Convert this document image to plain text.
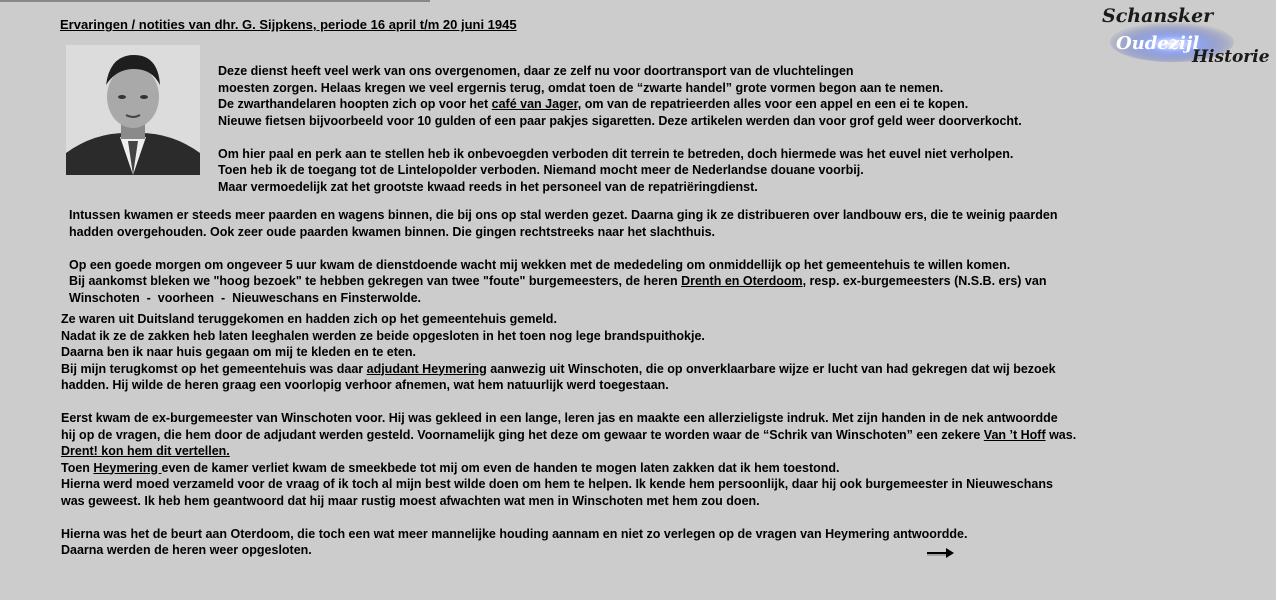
Ervaringen / notities van dhr. G. Sijpkens, periode 16 april t/m 20 juni 1945	Schansker
Oudezijl
Historie
Deze dienst heeft veel werk van ons overgenomen, daar ze zelf nu voor doortransport van de vluchtelingen
moesten zorgen. Helaas kregen we veel ergernis terug, omdat toen de “zwarte handel” grote vormen begon aan te nemen.
De zwarthandelaren hoopten zich op voor het café van Jager, om van de repatrieerden alles voor een appel en een ei te kopen.
Nieuwe fietsen bijvoorbeeld voor 10 gulden of een paar pakjes sigaretten. Deze artikelen werden dan voor grof geld weer doorverkocht.
Om hier paal en perk aan te stellen heb ik onbevoegden verboden dit terrein te betreden, doch hiermede was het euvel niet verholpen.
Toen heb ik de toegang tot de Lintelopolder verboden. Niemand mocht meer de Nederlandse douane voorbij.
Maar vermoedelijk zat het grootste kwaad reeds in het personeel van de repatriëringdienst.
Intussen kwamen er steeds meer paarden en wagens binnen, die bij ons op stal werden gezet. Daarna ging ik ze distribueren over landbouw ers, die te weinig paarden
hadden overgehouden. Ook zeer oude paarden kwamen binnen. Die gingen rechtstreeks naar het slachthuis.
Op een goede morgen om ongeveer 5 uur kwam de dienstdoende wacht mij wekken met de mededeling om onmiddellijk op het gemeentehuis te willen komen.
Bij aankomst bleken we "hoog bezoek" te hebben gekregen van twee "foute" burgemeesters, de heren Drenth en Oterdoom, resp. ex-burgemeesters (N.S.B. ers) van
Winschoten  -  voorheen  -  Nieuweschans en Finsterwolde.
Ze waren uit Duitsland teruggekomen en hadden zich op het gemeentehuis gemeld.
Nadat ik ze de zakken heb laten leeghalen werden ze beide opgesloten in het toen nog lege brandspuithokje.
Daarna ben ik naar huis gegaan om mij te kleden en te eten.
Bij mijn terugkomst op het gemeentehuis was daar adjudant Heymering aanwezig uit Winschoten, die op onverklaarbare wijze er lucht van had gekregen dat wij bezoek
hadden. Hij wilde de heren graag een voorlopig verhoor afnemen, wat hem natuurlijk werd toegestaan.
Eerst kwam de ex-burgemeester van Winschoten voor. Hij was gekleed in een lange, leren jas en maakte een allerzieligste indruk. Met zijn handen in de nek antwoordde
hij op de vragen, die hem door de adjudant werden gesteld. Voornamelijk ging het deze om gewaar te worden waar de “Schrik van Winschoten” een zekere Van ’t Hoff was.
Drent! kon hem dit vertellen.
Toen Heymering even de kamer verliet kwam de smeekbede tot mij om even de handen te mogen laten zakken dat ik hem toestond.
Hierna werd moed verzameld voor de vraag of ik toch al mijn best wilde doen om hem te helpen. Ik kende hem persoonlijk, daar hij ook burgemeester in Nieuweschans
was geweest. Ik heb hem geantwoord dat hij maar rustig moest afwachten wat men in Winschoten met hem zou doen.
Hierna was het de beurt aan Oterdoom, die toch een wat meer mannelijke houding aannam en niet zo verlegen op de vragen van Heymering antwoordde.
Daarna werden de heren weer opgesloten.
